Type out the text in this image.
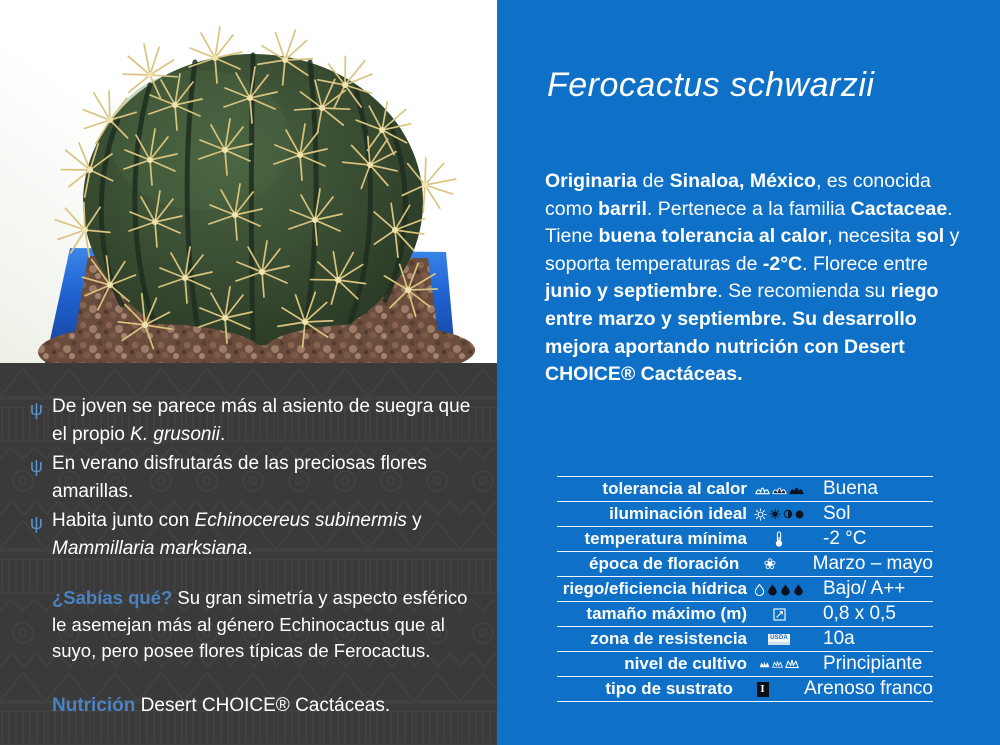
ψ De joven se parece más al asiento de suegra que el propio K. grusonii.
ψ En verano disfrutarás de las preciosas flores amarillas.
ψ Habita junto con Echinocereus subinermis y Mammillaria marksiana.
¿Sabías qué? Su gran simetría y aspecto esférico le asemejan más al género Echinocactus que al suyo, pero posee flores típicas de Ferocactus.
Nutrición Desert CHOICE® Cactáceas.
Ferocactus schwarzii
Originaria de Sinaloa, México, es conocida como barril. Pertenece a la familia Cactaceae. Tiene buena tolerancia al calor, necesita sol y soporta temperaturas de -2°C. Florece entre junio y septiembre. Se recomienda su riego entre marzo y septiembre. Su desarrollo mejora aportando nutrición con Desert CHOICE® Cactáceas.
tolerancia al calor	Buena
iluminación ideal	Sol
temperatura mínima	-2 °C
época de floración ❀	Marzo – mayo
riego/eficiencia hídrica	Bajo/ A++
tamaño máximo (m)	0,8 x 0,5
zona de resistencia	USDA	10a
nivel de cultivo	Principiante
tipo de sustrato	I	Arenoso franco
